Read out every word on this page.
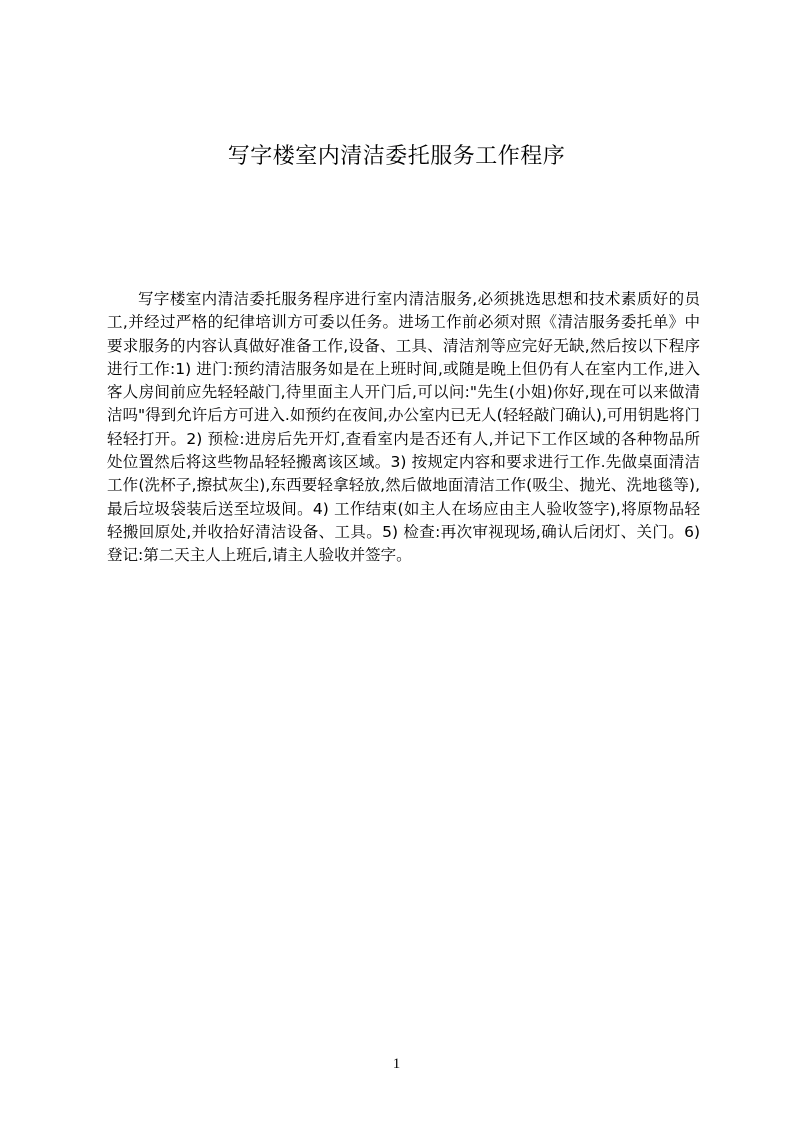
写字楼室内清洁委托服务工作程序

写字楼室内清洁委托服务程序进行室内清洁服务,必须挑选思想和技术素质好的员工,并经过严格的纪律培训方可委以任务。进场工作前必须对照《清洁服务委托单》中要求服务的内容认真做好准备工作,设备、工具、清洁剂等应完好无缺,然后按以下程序进行工作:1) 进门:预约清洁服务如是在上班时间,或随是晚上但仍有人在室内工作,进入客人房间前应先轻轻敲门,待里面主人开门后,可以问:"先生(小姐)你好,现在可以来做清洁吗"得到允许后方可进入.如预约在夜间,办公室内已无人(轻轻敲门确认),可用钥匙将门轻轻打开。2) 预检:进房后先开灯,查看室内是否还有人,并记下工作区域的各种物品所处位置然后将这些物品轻轻搬离该区域。3) 按规定内容和要求进行工作.先做桌面清洁工作(洗杯子,擦拭灰尘),东西要轻拿轻放,然后做地面清洁工作(吸尘、抛光、洗地毯等),最后垃圾袋装后送至垃圾间。4) 工作结束(如主人在场应由主人验收签字),将原物品轻轻搬回原处,并收拾好清洁设备、工具。5) 检查:再次审视现场,确认后闭灯、关门。6) 登记:第二天主人上班后,请主人验收并签字。

1
